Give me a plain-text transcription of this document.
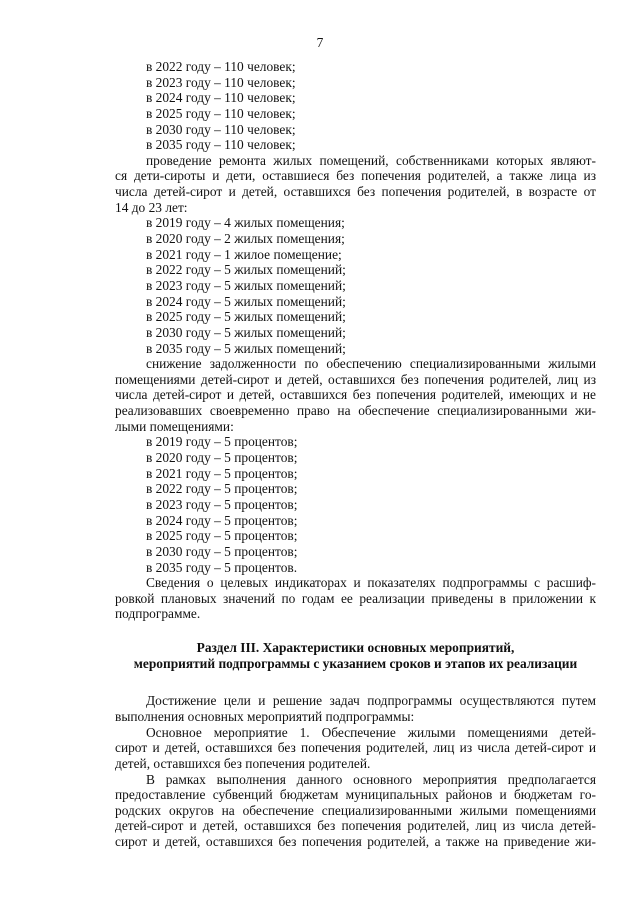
7
в 2022 году – 110 человек;
в 2023 году – 110 человек;
в 2024 году – 110 человек;
в 2025 году – 110 человек;
в 2030 году – 110 человек;
в 2035 году – 110 человек;
проведение ремонта жилых помещений, собственниками которых являют-
ся дети-сироты и дети, оставшиеся без попечения родителей, а также лица из
числа детей-сирот и детей, оставшихся без попечения родителей, в возрасте от
14 до 23 лет:
в 2019 году – 4 жилых помещения;
в 2020 году – 2 жилых помещения;
в 2021 году – 1 жилое помещение;
в 2022 году – 5 жилых помещений;
в 2023 году – 5 жилых помещений;
в 2024 году – 5 жилых помещений;
в 2025 году – 5 жилых помещений;
в 2030 году – 5 жилых помещений;
в 2035 году – 5 жилых помещений;
снижение задолженности по обеспечению специализированными жилыми
помещениями детей-сирот и детей, оставшихся без попечения родителей, лиц из
числа детей-сирот и детей, оставшихся без попечения родителей, имеющих и не
реализовавших своевременно право на обеспечение специализированными жи-
лыми помещениями:
в 2019 году – 5 процентов;
в 2020 году – 5 процентов;
в 2021 году – 5 процентов;
в 2022 году – 5 процентов;
в 2023 году – 5 процентов;
в 2024 году – 5 процентов;
в 2025 году – 5 процентов;
в 2030 году – 5 процентов;
в 2035 году – 5 процентов.
Сведения о целевых индикаторах и показателях подпрограммы с расшиф-
ровкой плановых значений по годам ее реализации приведены в приложении к
подпрограмме.
Раздел III. Характеристики основных мероприятий,
мероприятий подпрограммы с указанием сроков и этапов их реализации
Достижение цели и решение задач подпрограммы осуществляются путем
выполнения основных мероприятий подпрограммы:
Основное мероприятие 1. Обеспечение жилыми помещениями детей-
сирот и детей, оставшихся без попечения родителей, лиц из числа детей-сирот и
детей, оставшихся без попечения родителей.
В рамках выполнения данного основного мероприятия предполагается
предоставление субвенций бюджетам муниципальных районов и бюджетам го-
родских округов на обеспечение специализированными жилыми помещениями
детей-сирот и детей, оставшихся без попечения родителей, лиц из числа детей-
сирот и детей, оставшихся без попечения родителей, а также на приведение жи-
